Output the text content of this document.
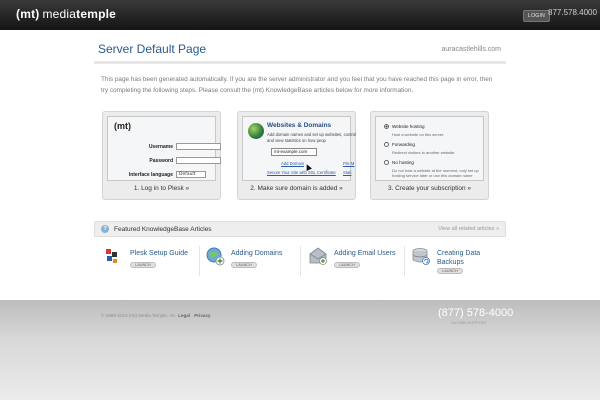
(mt) mediatemple	LOGIN 877.578.4000
Server Default Page	auracastlehills.com
This page has been generated automatically. If you are the server administrator and you feel that you have reached this page in error, then try completing the following steps. Please consult the (mt) KnowledgeBase articles below for more information.
(mt)
Username
Password
Interface language	Default
1. Log in to Plesk »
Websites & Domains
Add domain names and set up websites, control and view statistics on how peop
mt-example.com
Add Domain	File M
Secure Your Site with SSL Certificate Stati
2. Make sure domain is added »
Website hosting
Host a website on this server.
Forwarding
Redirect visitors to another website.
No hosting
Do not host a website at the moment, only set up hosting service later or use this domain name
3. Create your subscription »
?	Featured KnowledgeBase Articles	View all related articles »
Plesk Setup Guide
LAUNCH
Adding Domains
LAUNCH
Adding Email Users
LAUNCH
Creating Data Backups
LAUNCH
© 1998-2013 (mt) Media Temple, Inc. Legal · Privacy	(877) 578-4000
24/7/365 SUPPORT
